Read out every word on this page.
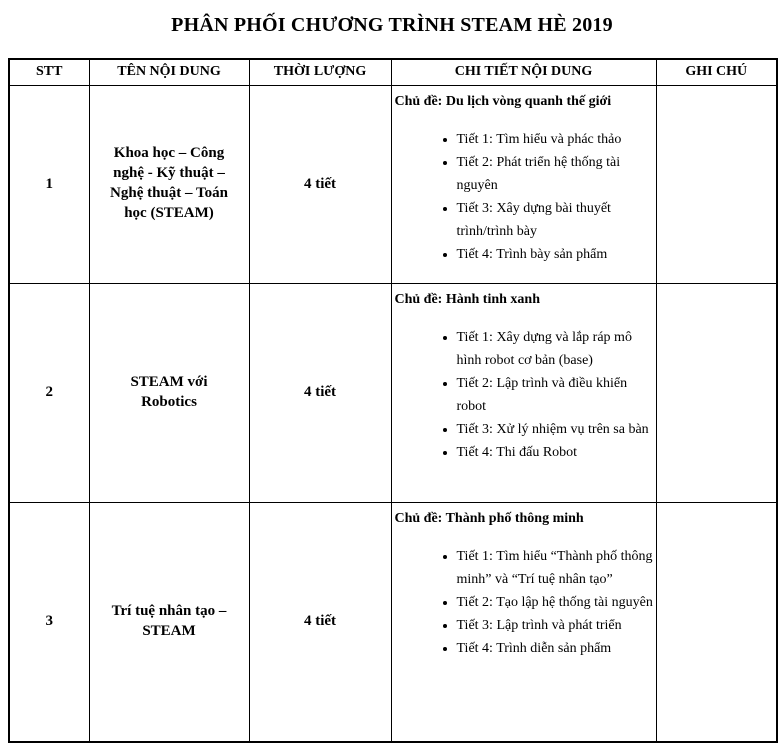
PHÂN PHỐI CHƯƠNG TRÌNH STEAM HÈ 2019
STT	TÊN NỘI DUNG	THỜI LƯỢNG	CHI TIẾT NỘI DUNG	GHI CHÚ
1	Khoa học – Công nghệ - Kỹ thuật – Nghệ thuật – Toán học (STEAM)	4 tiết	

Chủ đề: Du lịch vòng quanh thế giới

• Tiết 1: Tìm hiểu và phác thảo
• Tiết 2: Phát triển hệ thống tài nguyên
• Tiết 3: Xây dựng bài thuyết trình/trình bày
• Tiết 4: Trình bày sản phẩm

2	STEAM với Robotics	4 tiết	

Chủ đề: Hành tinh xanh

• Tiết 1: Xây dựng và lắp ráp mô hình robot cơ bản (base)
• Tiết 2: Lập trình và điều khiển robot
• Tiết 3: Xử lý nhiệm vụ trên sa bàn
• Tiết 4: Thi đấu Robot

3	Trí tuệ nhân tạo – STEAM	4 tiết	

Chủ đề: Thành phố thông minh

• Tiết 1: Tìm hiểu “Thành phố thông minh” và “Trí tuệ nhân tạo”
• Tiết 2: Tạo lập hệ thống tài nguyên
• Tiết 3: Lập trình và phát triển
• Tiết 4: Trình diễn sản phẩm
